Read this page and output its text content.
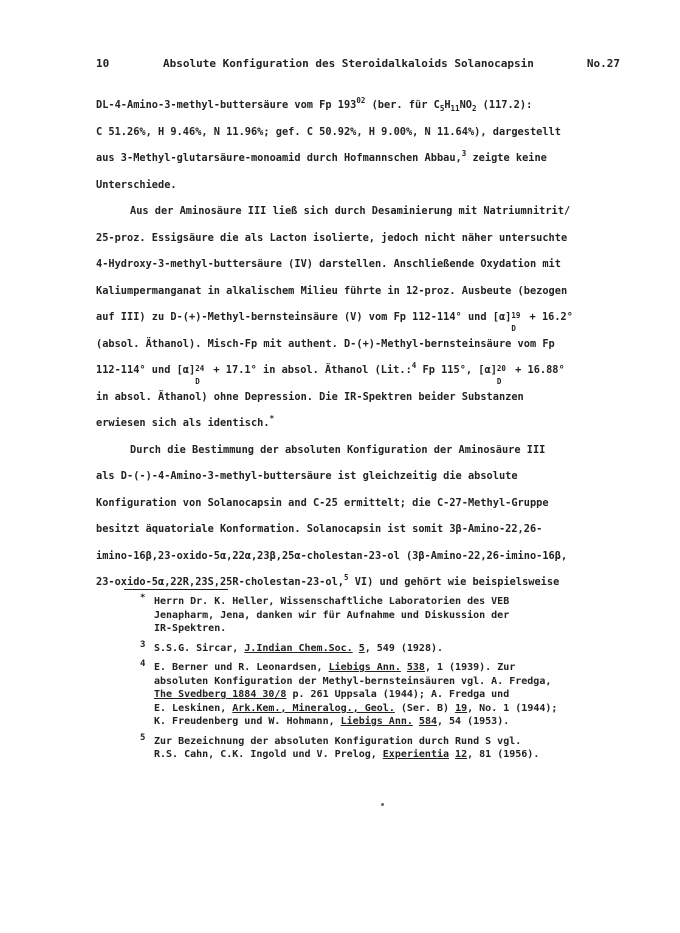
10	Absolute Konfiguration des Steroidalkaloids Solanocapsin	No.27
DL-4-Amino-3-methyl-buttersäure vom Fp $193^{02}$ (ber. für $C_5H_{11}NO_2$ (117.2):
C 51.26%, H 9.46%, N 11.96%; gef. C 50.92%, H 9.00%, N 11.64%), dargestellt
aus 3-Methyl-glutarsäure-monoamid durch Hofmannschen Abbau,$^3$ zeigte keine
Unterschiede.
Aus der Aminosäure III ließ sich durch Desaminierung mit Natriumnitrit/
25-proz. Essigsäure die als Lacton isolierte, jedoch nicht näher untersuchte
4-Hydroxy-3-methyl-buttersäure (IV) darstellen. Anschließende Oxydation mit
Kaliumpermanganat in alkalischem Milieu führte in 12-proz. Ausbeute (bezogen
auf III) zu D-(+)-Methyl-bernsteinsäure (V) vom Fp 112-114° und [α] 19
D
+ 16.2°
(absol. Äthanol). Misch-Fp mit authent. D-(+)-Methyl-bernsteinsäure vom Fp
112-114° und [α] 24
D
+ 17.1° in absol. Äthanol (Lit.:$^4$ Fp 115°, [α] 20
D
+ 16.88°
in absol. Äthanol) ohne Depression. Die IR-Spektren beider Substanzen
erwiesen sich als identisch.*
Durch die Bestimmung der absoluten Konfiguration der Aminosäure III
als D-(-)-4-Amino-3-methyl-buttersäure ist gleichzeitig die absolute
Konfiguration von Solanocapsin and C-25 ermittelt; die C-27-Methyl-Gruppe
besitzt äquatoriale Konformation. Solanocapsin ist somit 3β-Amino-22,26-
imino-16β,23-oxido-5α,22α,23β,25α-cholestan-23-ol (3β-Amino-22,26-imino-16β,
23-oxido-5α,22R,23S,25R-cholestan-23-ol,$^5$ VI) und gehört wie beispielsweise
* Herrn Dr. K. Heller, Wissenschaftliche Laboratorien des VEB
Jenapharm, Jena, danken wir für Aufnahme und Diskussion der
IR-Spektren.
3 S.S.G. Sircar, J.Indian Chem.Soc. 5, 549 (1928).
4 E. Berner und R. Leonardsen, Liebigs Ann. 538, 1 (1939). Zur
absoluten Konfiguration der Methyl-bernsteinsäuren vgl. A. Fredga,
The Svedberg 1884 30/8 p. 261 Uppsala (1944); A. Fredga und
E. Leskinen, Ark.Kem., Mineralog., Geol. (Ser. B) 19, No. 1 (1944);
K. Freudenberg und W. Hohmann, Liebigs Ann. 584, 54 (1953).
5 Zur Bezeichnung der absoluten Konfiguration durch Rund S vgl.
R.S. Cahn, C.K. Ingold und V. Prelog, Experientia 12, 81 (1956).
